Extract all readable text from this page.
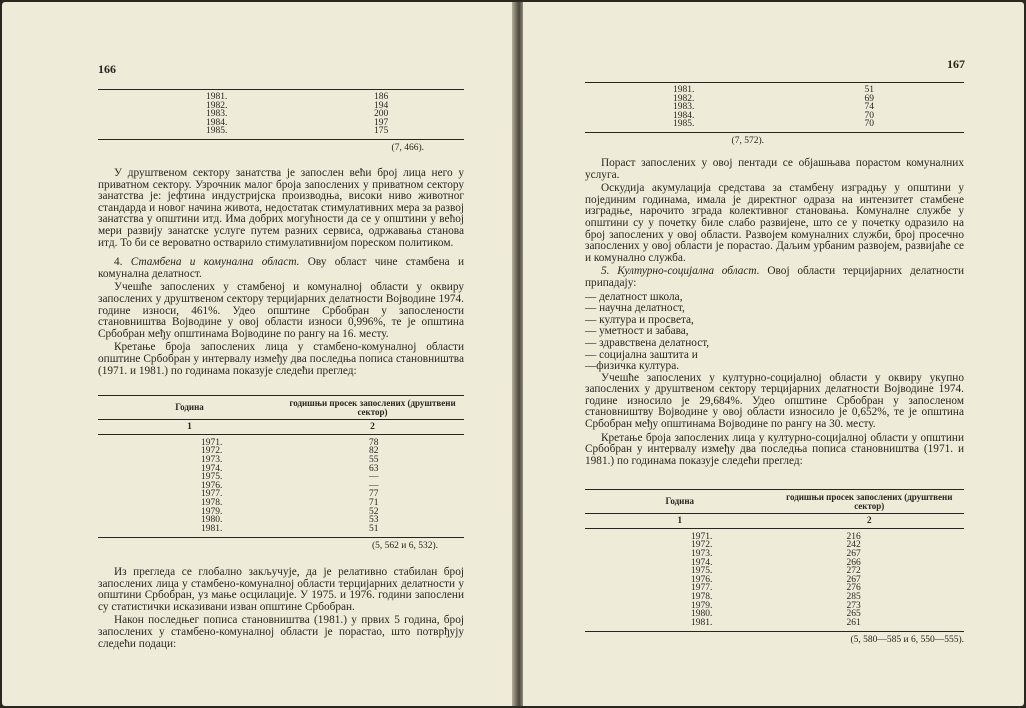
166
1981.	186
1982.	194
1983.	200
1984.	197
1985.	175
(7, 466).

У друштвеном сектору занатства је запослен већи број лица него у приватном сектору. Узрочник малог броја запослених у приватном сектору занатства је: јефтина индустријска производња, високи ниво животног стандарда и новог начина живота, недостатак стимулативних мера за развој занатства у општини итд. Има добрих могућности да се у општини у већој мери развију занатске услуге путем разних сервиса, одржавања станова итд. То би се вероватно остварило стимулативнијом пореском политиком.

4. Стамбена и комунална област. Ову област чине стамбена и комунална делатност.

Учешће запослених у стамбеној и комуналној области у оквиру запослених у друштвеном сектору терцијарних делатности Војводине 1974. године износи, 461%. Удео општине Србобран у запослености становништва Војводине у овој области износи 0,996%, те је општина Србобран међу општинама Војводине по рангу на 16. месту.

Кретање броја запослених лица у стамбено-комуналној области општине Србобран у интервалу између два последња пописа становништва (1971. и 1981.) по годинама показује следећи преглед:

Година	годишњи просек запослених (друштвени сектор)
1	2
1971.	78
1972.	82
1973.	55
1974.	63
1975.	—
1976.	—
1977.	77
1978.	71
1979.	52
1980.	53
1981.	51
(5, 562 и 6, 532).

Из прегледа се глобално закључује, да је релативно стабилан број запослених лица у стамбено-комуналној области терцијарних делатности у општини Србобран, уз мање осцилације. У 1975. и 1976. години запослени су статистички исказивани изван општине Србобран.

Након последњег пописа становништва (1981.) у првих 5 година, број запослених у стамбено-комуналној области је порастао, што потврђују следећи подаци:

167
1981.	51
1982.	69
1983.	74
1984.	70
1985.	70
(7, 572).

Пораст запослених у овој пентади се објашњава порастом комуналних услуга.

Оскудија акумулација средстава за стамбену изградњу у општини у појединим годинама, имала је директног одраза на интензитет стамбене изградње, нарочито зграда колективног становања. Комуналне службе у општини су у почетку биле слабо развијене, што се у почетку одразило на број запослених у овој области. Развојем комуналних служби, број просечно запослених у овој области је порастао. Даљим урбаним развојем, развијаће се и комунално служба.

5. Културно-социјална област. Овој области терцијарних делатности припадају:

— делатност школа,
— научна делатност,
— култура и просвета,
— уметност и забава,
— здравствена делатност,
— социјална заштита и
—физичка култура.

Учешће запослених у културно-социјалној области у оквиру укупно запослених у друштвеном сектору терцијарних делатности Војводине 1974. године износило је 29,684%. Удео општине Србобран у запосленом становништву Војводине у овој области износило је 0,652%, те је општина Србобран међу општинама Војводине по рангу на 30. месту.

Кретање броја запослених лица у културно-социјалној области у општини Србобран у интервалу између два последња пописа становништва (1971. и 1981.) по годинама показује следећи преглед:

Година	годишњи просек запослених (друштвени сектор)
1	2
1971.	216
1972.	242
1973.	267
1974.	266
1975.	272
1976.	267
1977.	276
1978.	285
1979.	273
1980.	265
1981.	261
(5, 580—585 и 6, 550—555).
